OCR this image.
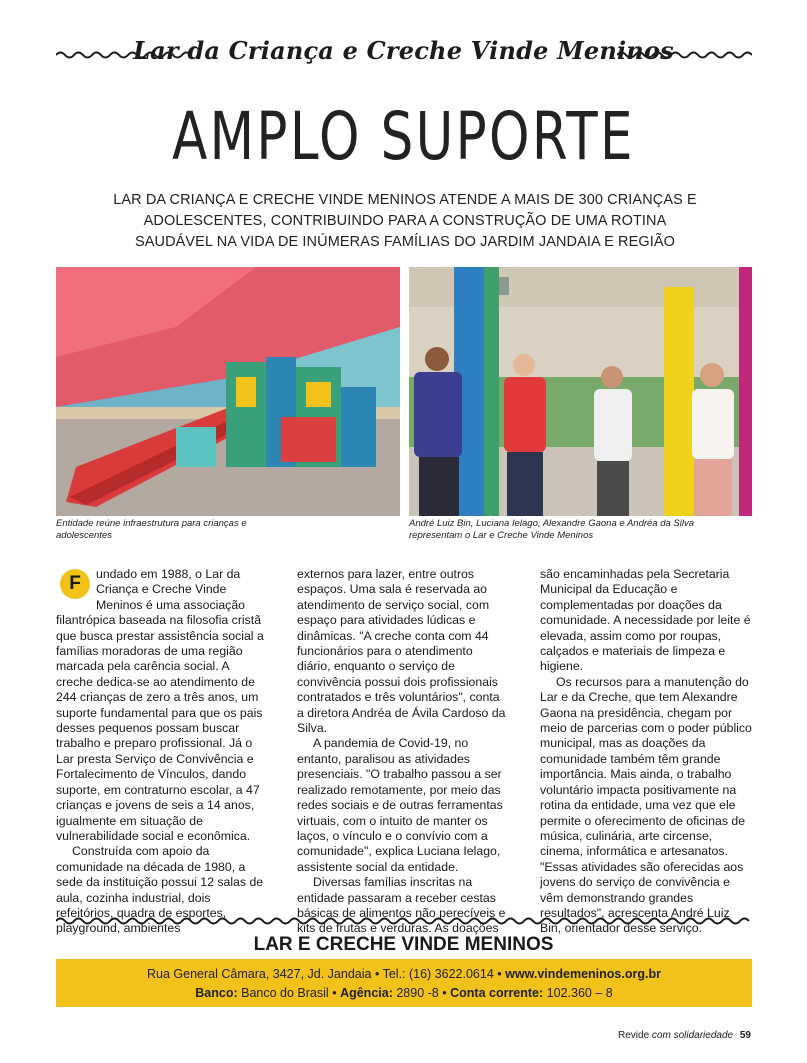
Lar da Criança e Creche Vinde Meninos
AMPLO SUPORTE
LAR DA CRIANÇA E CRECHE VINDE MENINOS ATENDE A MAIS DE 300 CRIANÇAS E ADOLESCENTES, CONTRIBUINDO PARA A CONSTRUÇÃO DE UMA ROTINA SAUDÁVEL NA VIDA DE INÚMERAS FAMÍLIAS DO JARDIM JANDAIA E REGIÃO
Entidade reúne infraestrutura para crianças e adolescentes
André Luiz Bin, Luciana Ielago, Alexandre Gaona e Andréa da Silva representam o Lar e Creche Vinde Meninos

F	undado em 1988, o Lar da Criança e Creche Vinde Meninos é uma associação filantrópica baseada na filosofia cristã que busca prestar assistência social a famílias moradoras de uma região marcada pela carência social. A creche dedica-se ao atendimento de 244 crianças de zero a três anos, um suporte fundamental para que os pais desses pequenos possam buscar trabalho e preparo profissional. Já o Lar presta Serviço de Convivência e Fortalecimento de Vínculos, dando suporte, em contraturno escolar, a 47 crianças e jovens de seis a 14 anos, igualmente em situação de vulnerabilidade social e econômica.

Construída com apoio da comunidade na década de 1980, a sede da instituição possui 12 salas de aula, cozinha industrial, dois refeitórios, quadra de esportes, playground, ambientes

externos para lazer, entre outros espaços. Uma sala é reservada ao atendimento de serviço social, com espaço para atividades lúdicas e dinâmicas. "A creche conta com 44 funcionários para o atendimento diário, enquanto o serviço de convivência possui dois profissionais contratados e três voluntários", conta a diretora Andréa de Ávila Cardoso da Silva.

A pandemia de Covid-19, no entanto, paralisou as atividades presenciais. "O trabalho passou a ser realizado remotamente, por meio das redes sociais e de outras ferramentas virtuais, com o intuito de manter os laços, o vínculo e o convívio com a comunidade", explica Luciana Ielago, assistente social da entidade.

Diversas famílias inscritas na entidade passaram a receber cestas básicas de alimentos não perecíveis e kits de frutas e verduras. As doações

são encaminhadas pela Secretaria Municipal da Educação e complementadas por doações da comunidade. A necessidade por leite é elevada, assim como por roupas, calçados e materiais de limpeza e higiene.

Os recursos para a manutenção do Lar e da Creche, que tem Alexandre Gaona na presidência, chegam por meio de parcerias com o poder público municipal, mas as doações da comunidade também têm grande importância. Mais ainda, o trabalho voluntário impacta positivamente na rotina da entidade, uma vez que ele permite o oferecimento de oficinas de música, culinária, arte circense, cinema, informática e artesanatos. "Essas atividades são oferecidas aos jovens do serviço de convivência e vêm demonstrando grandes resultados", acrescenta André Luiz Bin, orientador desse serviço.

LAR E CRECHE VINDE MENINOS
Rua General Câmara, 3427, Jd. Jandaia • Tel.: (16) 3622.0614 • www.vindemeninos.org.br
Banco: Banco do Brasil • Agência: 2890 -8 • Conta corrente: 102.360 – 8
Revide com solidariedade 59
